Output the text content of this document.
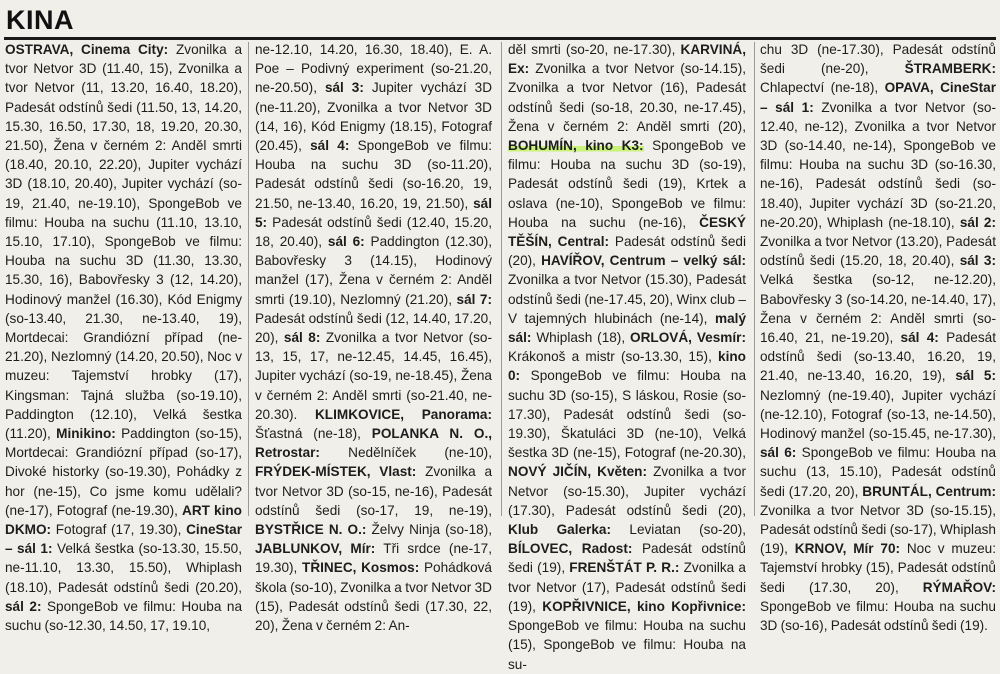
KINA

OSTRAVA, Cinema City: Zvonilka a tvor Netvor 3D (11.40, 15), Zvonilka a tvor Netvor (11, 13.20, 16.40, 18.20), Padesát odstínů šedi (11.50, 13, 14.20, 15.30, 16.50, 17.30, 18, 19.20, 20.30, 21.50), Žena v černém 2: Anděl smrti (18.40, 20.10, 22.20), Jupiter vychází 3D (18.10, 20.40), Jupiter vychází (so-19, 21.40, ne-19.10), SpongeBob ve filmu: Houba na suchu (11.10, 13.10, 15.10, 17.10), SpongeBob ve filmu: Houba na suchu 3D (11.30, 13.30, 15.30, 16), Babovřesky 3 (12, 14.20), Hodinový manžel (16.30), Kód Enigmy (so-13.40, 21.30, ne-13.40, 19), Mortdecai: Grandiózní případ (ne-21.20), Nezlomný (14.20, 20.50), Noc v muzeu: Tajemství hrobky (17), Kingsman: Tajná služba (so-19.10), Paddington (12.10), Velká šestka (11.20), Minikino: Paddington (so-15), Mortdecai: Grandiózní případ (so-17), Divoké historky (so-19.30), Pohádky z hor (ne-15), Co jsme komu udělali? (ne-17), Fotograf (ne-19.30), ART kino DKMO: Fotograf (17, 19.30), CineStar – sál 1: Velká šestka (so-13.30, 15.50, ne-11.10, 13.30, 15.50), Whiplash (18.10), Padesát odstínů šedi (20.20), sál 2: SpongeBob ve filmu: Houba na suchu (so-12.30, 14.50, 17, 19.10,

ne-12.10, 14.20, 16.30, 18.40), E. A. Poe – Podivný experiment (so-21.20, ne-20.50), sál 3: Jupiter vychází 3D (ne-11.20), Zvonilka a tvor Netvor 3D (14, 16), Kód Enigmy (18.15), Fotograf (20.45), sál 4: SpongeBob ve filmu: Houba na suchu 3D (so-11.20), Padesát odstínů šedi (so-16.20, 19, 21.50, ne-13.40, 16.20, 19, 21.50), sál 5: Padesát odstínů šedi (12.40, 15.20, 18, 20.40), sál 6: Paddington (12.30), Babovřesky 3 (14.15), Hodinový manžel (17), Žena v černém 2: Anděl smrti (19.10), Nezlomný (21.20), sál 7: Padesát odstínů šedi (12, 14.40, 17.20, 20), sál 8: Zvonilka a tvor Netvor (so-13, 15, 17, ne-12.45, 14.45, 16.45), Jupiter vychází (so-19, ne-18.45), Žena v černém 2: Anděl smrti (so-21.40, ne-20.30). KLIMKOVICE, Panorama: Šťastná (ne-18), POLANKA N. O., Retrostar: Nedělníček (ne-10), FRÝDEK-MÍSTEK, Vlast: Zvonilka a tvor Netvor 3D (so-15, ne-16), Padesát odstínů šedi (so-17, 19, ne-19), BYSTŘICE N. O.: Želvy Ninja (so-18), JABLUNKOV, Mír: Tři srdce (ne-17, 19.30), TŘINEC, Kosmos: Pohádková škola (so-10), Zvonilka a tvor Netvor 3D (15), Padesát odstínů šedi (17.30, 22, 20), Žena v černém 2: An-

děl smrti (so-20, ne-17.30), KARVINÁ, Ex: Zvonilka a tvor Netvor (so-14.15), Zvonilka a tvor Netvor (16), Padesát odstínů šedi (so-18, 20.30, ne-17.45), Žena v černém 2: Anděl smrti (20), BOHUMÍN, kino K3: SpongeBob ve filmu: Houba na suchu 3D (so-19), Padesát odstínů šedi (19), Krtek a oslava (ne-10), SpongeBob ve filmu: Houba na suchu (ne-16), ČESKÝ TĚŠÍN, Central: Padesát odstínů šedi (20), HAVÍŘOV, Centrum – velký sál: Zvonilka a tvor Netvor (15.30), Padesát odstínů šedi (ne-17.45, 20), Winx club – V tajemných hlubinách (ne-14), malý sál: Whiplash (18), ORLOVÁ, Vesmír: Krákonoš a mistr (so-13.30, 15), kino 0: SpongeBob ve filmu: Houba na suchu 3D (so-15), S láskou, Rosie (so-17.30), Padesát odstínů šedi (so-19.30), Škatuláci 3D (ne-10), Velká šestka 3D (ne-15), Fotograf (ne-20.30), NOVÝ JIČÍN, Květen: Zvonilka a tvor Netvor (so-15.30), Jupiter vychází (17.30), Padesát odstínů šedi (20), Klub Galerka: Leviatan (so-20), BÍLOVEC, Radost: Padesát odstínů šedi (19), FRENŠTÁT P. R.: Zvonilka a tvor Netvor (17), Padesát odstínů šedi (19), KOPŘIVNICE, kino Kopřivnice: SpongeBob ve filmu: Houba na suchu (15), SpongeBob ve filmu: Houba na su-

chu 3D (ne-17.30), Padesát odstínů šedi (ne-20), ŠTRAMBERK: Chlapectví (ne-18), OPAVA, CineStar – sál 1: Zvonilka a tvor Netvor (so-12.40, ne-12), Zvonilka a tvor Netvor 3D (so-14.40, ne-14), SpongeBob ve filmu: Houba na suchu 3D (so-16.30, ne-16), Padesát odstínů šedi (so-18.40), Jupiter vychází 3D (so-21.20, ne-20.20), Whiplash (ne-18.10), sál 2: Zvonilka a tvor Netvor (13.20), Padesát odstínů šedi (15.20, 18, 20.40), sál 3: Velká šestka (so-12, ne-12.20), Babovřesky 3 (so-14.20, ne-14.40, 17), Žena v černém 2: Anděl smrti (so-16.40, 21, ne-19.20), sál 4: Padesát odstínů šedi (so-13.40, 16.20, 19, 21.40, ne-13.40, 16.20, 19), sál 5: Nezlomný (ne-19.40), Jupiter vychází (ne-12.10), Fotograf (so-13, ne-14.50), Hodinový manžel (so-15.45, ne-17.30), sál 6: SpongeBob ve filmu: Houba na suchu (13, 15.10), Padesát odstínů šedi (17.20, 20), BRUNTÁL, Centrum: Zvonilka a tvor Netvor 3D (so-15.15), Padesát odstínů šedi (so-17), Whiplash (19), KRNOV, Mír 70: Noc v muzeu: Tajemství hrobky (15), Padesát odstínů šedi (17.30, 20), RÝMAŘOV: SpongeBob ve filmu: Houba na suchu 3D (so-16), Padesát odstínů šedi (19).
